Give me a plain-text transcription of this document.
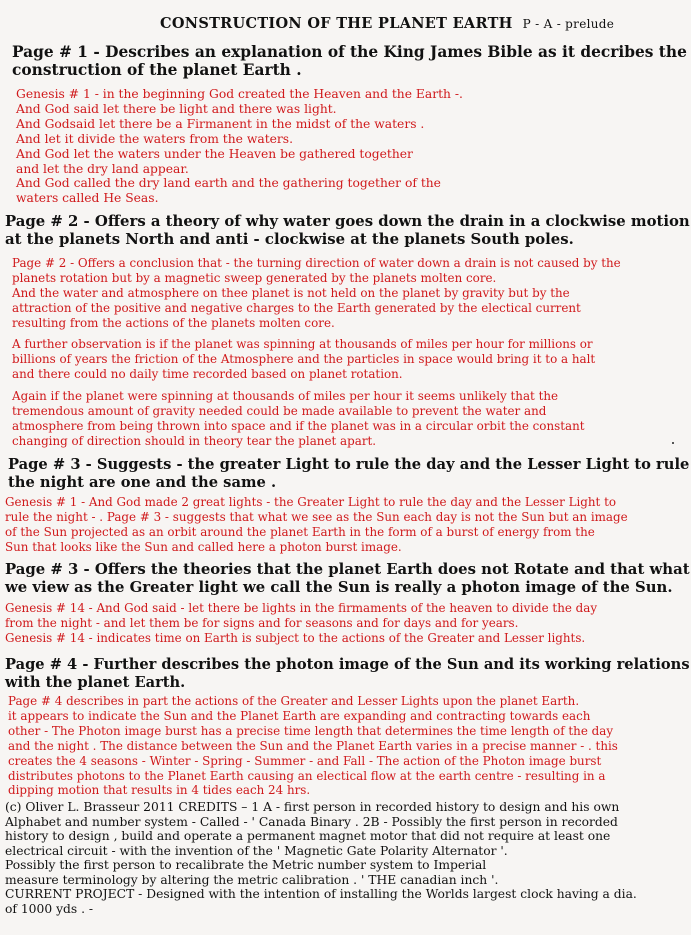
CONSTRUCTION OF THE PLANET EARTH P - A - prelude
Page # 1 - Describes an explanation of the King James Bible as it decribes the
construction of the planet Earth .
Genesis # 1 - in the beginning God created the Heaven and the Earth -.
And God said let there be light and there was light.
And Godsaid let there be a Firmanent in the midst of the waters .
And let it divide the waters from the waters.
And God let the waters under the Heaven be gathered together
and let the dry land appear.
And God called the dry land earth and the gathering together of the
waters called He Seas.
Page # 2 - Offers a theory of why water goes down the drain in a clockwise motion
at the planets North and anti - clockwise at the planets South poles.
Page # 2 - Offers a conclusion that - the turning direction of water down a drain is not caused by the
planets rotation but by a magnetic sweep generated by the planets molten core.
And the water and atmosphere on thee planet is not held on the planet by gravity but by the
attraction of the positive and negative charges to the Earth generated by the electical current
resulting from the actions of the planets molten core.
A further observation is if the planet was spinning at thousands of miles per hour for millions or
billions of years the friction of the Atmosphere and the particles in space would bring it to a halt
and there could no daily time recorded based on planet rotation.
Again if the planet were spinning at thousands of miles per hour it seems unlikely that the
tremendous amount of gravity needed could be made available to prevent the water and
atmosphere from being thrown into space and if the planet was in a circular orbit the constant
changing of direction should in theory tear the planet apart.
Page # 3 - Suggests - the greater Light to rule the day and the Lesser Light to rule
the night are one and the same .
Genesis # 1 - And God made 2 great lights - the Greater Light to rule the day and the Lesser Light to
rule the night - . Page # 3 - suggests that what we see as the Sun each day is not the Sun but an image
of the Sun projected as an orbit around the planet Earth in the form of a burst of energy from the
Sun that looks like the Sun and called here a photon burst image.
Page # 3 - Offers the theories that the planet Earth does not Rotate and that what
we view as the Greater light we call the Sun is really a photon image of the Sun.
Genesis # 14 - And God said - let there be lights in the firmaments of the heaven to divide the day
from the night - and let them be for signs and for seasons and for days and for years.
Genesis # 14 - indicates time on Earth is subject to the actions of the Greater and Lesser lights.
Page # 4 - Further describes the photon image of the Sun and its working relations
with the planet Earth.
Page # 4 describes in part the actions of the Greater and Lesser Lights upon the planet Earth.
it appears to indicate the Sun and the Planet Earth are expanding and contracting towards each
other - The Photon image burst has a precise time length that determines the time length of the day
and the night . The distance between the Sun and the Planet Earth varies in a precise manner - . this
creates the 4 seasons - Winter - Spring - Summer - and Fall - The action of the Photon image burst
distributes photons to the Planet Earth causing an electical flow at the earth centre - resulting in a
dipping motion that results in 4 tides each 24 hrs.
(c) Oliver L. Brasseur 2011 CREDITS – 1 A - first person in recorded history to design and his own
Alphabet and number system - Called - ' Canada Binary . 2B - Possibly the first person in recorded
history to design , build and operate a permanent magnet motor that did not require at least one
electrical circuit - with the invention of the ' Magnetic Gate Polarity Alternator '.
Possibly the first person to recalibrate the Metric number system to Imperial
measure terminology by altering the metric calibration . ' THE canadian inch '.
CURRENT PROJECT - Designed with the intention of installing the Worlds largest clock having a dia.
of 1000 yds . -
